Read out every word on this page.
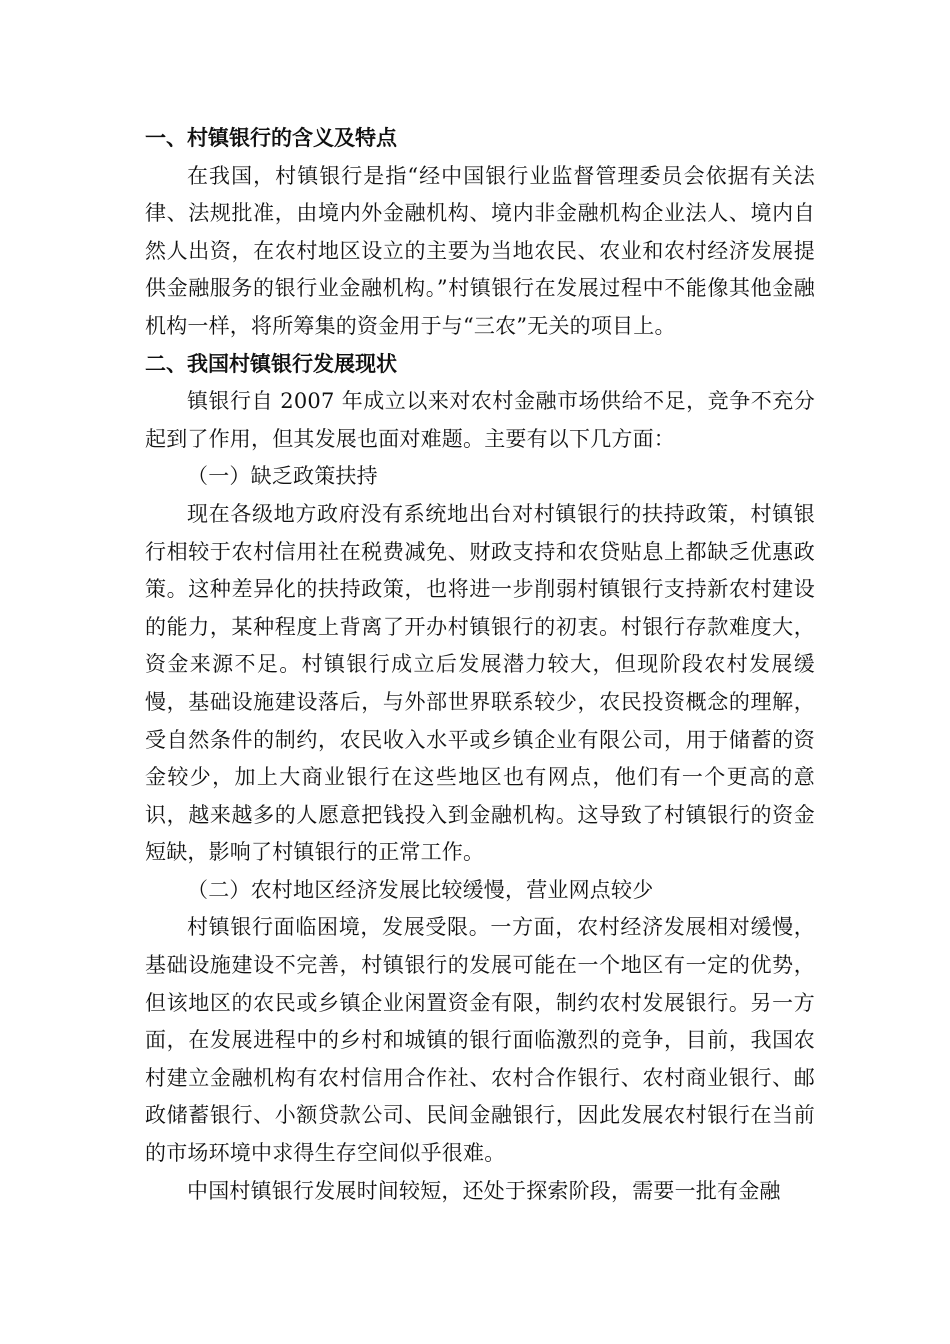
一、村镇银行的含义及特点

在我国，村镇银行是指“经中国银行业监督管理委员会依据有关法律、法规批准，由境内外金融机构、境内非金融机构企业法人、境内自然人出资，在农村地区设立的主要为当地农民、农业和农村经济发展提供金融服务的银行业金融机构。”村镇银行在发展过程中不能像其他金融机构一样，将所筹集的资金用于与“三农”无关的项目上。

二、我国村镇银行发展现状

镇银行自 2007 年成立以来对农村金融市场供给不足，竞争不充分起到了作用，但其发展也面对难题。主要有以下几方面：

（一）缺乏政策扶持

现在各级地方政府没有系统地出台对村镇银行的扶持政策，村镇银行相较于农村信用社在税费减免、财政支持和农贷贴息上都缺乏优惠政策。这种差异化的扶持政策，也将进一步削弱村镇银行支持新农村建设的能力，某种程度上背离了开办村镇银行的初衷。村银行存款难度大，资金来源不足。村镇银行成立后发展潜力较大，但现阶段农村发展缓慢，基础设施建设落后，与外部世界联系较少，农民投资概念的理解，受自然条件的制约，农民收入水平或乡镇企业有限公司，用于储蓄的资金较少，加上大商业银行在这些地区也有网点，他们有一个更高的意识，越来越多的人愿意把钱投入到金融机构。这导致了村镇银行的资金短缺，影响了村镇银行的正常工作。

（二）农村地区经济发展比较缓慢，营业网点较少

村镇银行面临困境，发展受限。一方面，农村经济发展相对缓慢，基础设施建设不完善，村镇银行的发展可能在一个地区有一定的优势，但该地区的农民或乡镇企业闲置资金有限，制约农村发展银行。另一方面，在发展进程中的乡村和城镇的银行面临激烈的竞争，目前，我国农村建立金融机构有农村信用合作社、农村合作银行、农村商业银行、邮政储蓄银行、小额贷款公司、民间金融银行，因此发展农村银行在当前的市场环境中求得生存空间似乎很难。

中国村镇银行发展时间较短，还处于探索阶段，需要一批有金融
